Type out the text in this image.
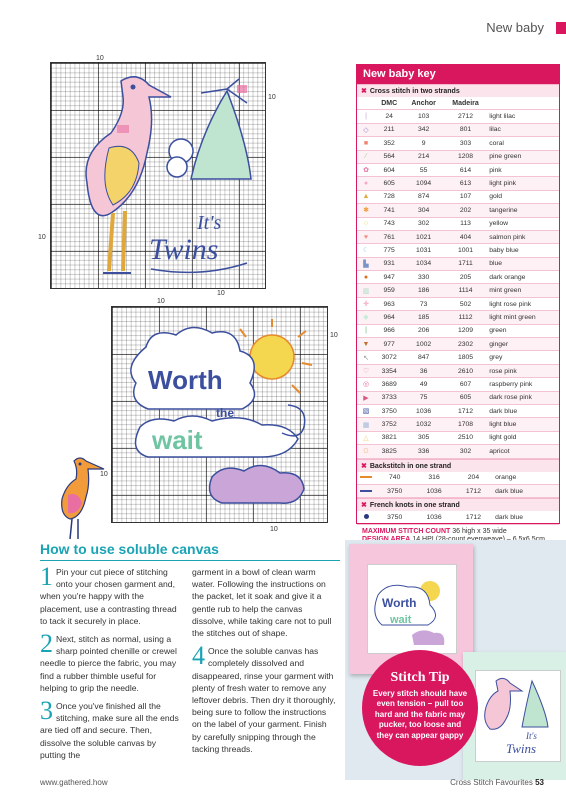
New baby
10
10
10
10
It's
Twins
10
10
10
10
Worth
the
wait
New baby key
✖ Cross stitch in two strands
	DMC	Anchor	Madeira	
|	24	103	2712	light lilac
◇	211	342	801	lilac
■	352	9	303	coral
⁄	564	214	1208	pine green
✿	604	55	614	pink
●	605	1094	613	light pink
▲	728	874	107	gold
✱	741	304	202	tangerine
○	743	302	113	yellow
♥	761	1021	404	salmon pink
☾	775	1031	1001	baby blue
▙	931	1034	1711	blue
●	947	330	205	dark orange
▥	959	186	1114	mint green
✚	963	73	502	light rose pink
◆	964	185	1112	light mint green
|	966	206	1209	green
▼	977	1002	2302	ginger
↖	3072	847	1805	grey
♡	3354	36	2610	rose pink
◎	3689	49	607	raspberry pink
▶	3733	75	605	dark rose pink
▧	3750	1036	1712	dark blue
▦	3752	1032	1708	light blue
△	3821	305	2510	light gold
Ω	3825	336	302	apricot
✖ Backstitch in one strand
	740	316	204	orange
	3750	1036	1712	dark blue
✖ French knots in one strand
	3750	1036	1712	dark blue
MAXIMUM STITCH COUNT 36 high x 35 wide
How to use soluble canvas

1 Pin your cut piece of stitching onto your chosen garment and, when you're happy with the placement, use a contrasting thread to tack it securely in place.

2 Next, stitch as normal, using a sharp pointed chenille or crewel needle to pierce the fabric, you may find a rubber thimble useful for helping to grip the needle.

3 Once you've finished all the stitching, make sure all the ends are tied off and secure. Then, dissolve the soluble canvas by putting the

garment in a bowl of clean warm water. Following the instructions on the packet, let it soak and give it a gentle rub to help the canvas dissolve, while taking care not to pull the stitches out of shape.

4 Once the soluble canvas has completely dissolved and disappeared, rinse your garment with plenty of fresh water to remove any leftover debris. Then dry it thoroughly, being sure to follow the instructions on the label of your garment. Finish by carefully snipping through the tacking threads.

Worth
wait
It's
Twins
Stitch Tip
Every stitch should have even tension – pull too hard and the fabric may pucker, too loose and they can appear gappy
www.gathered.how	Cross Stitch Favourites 53
